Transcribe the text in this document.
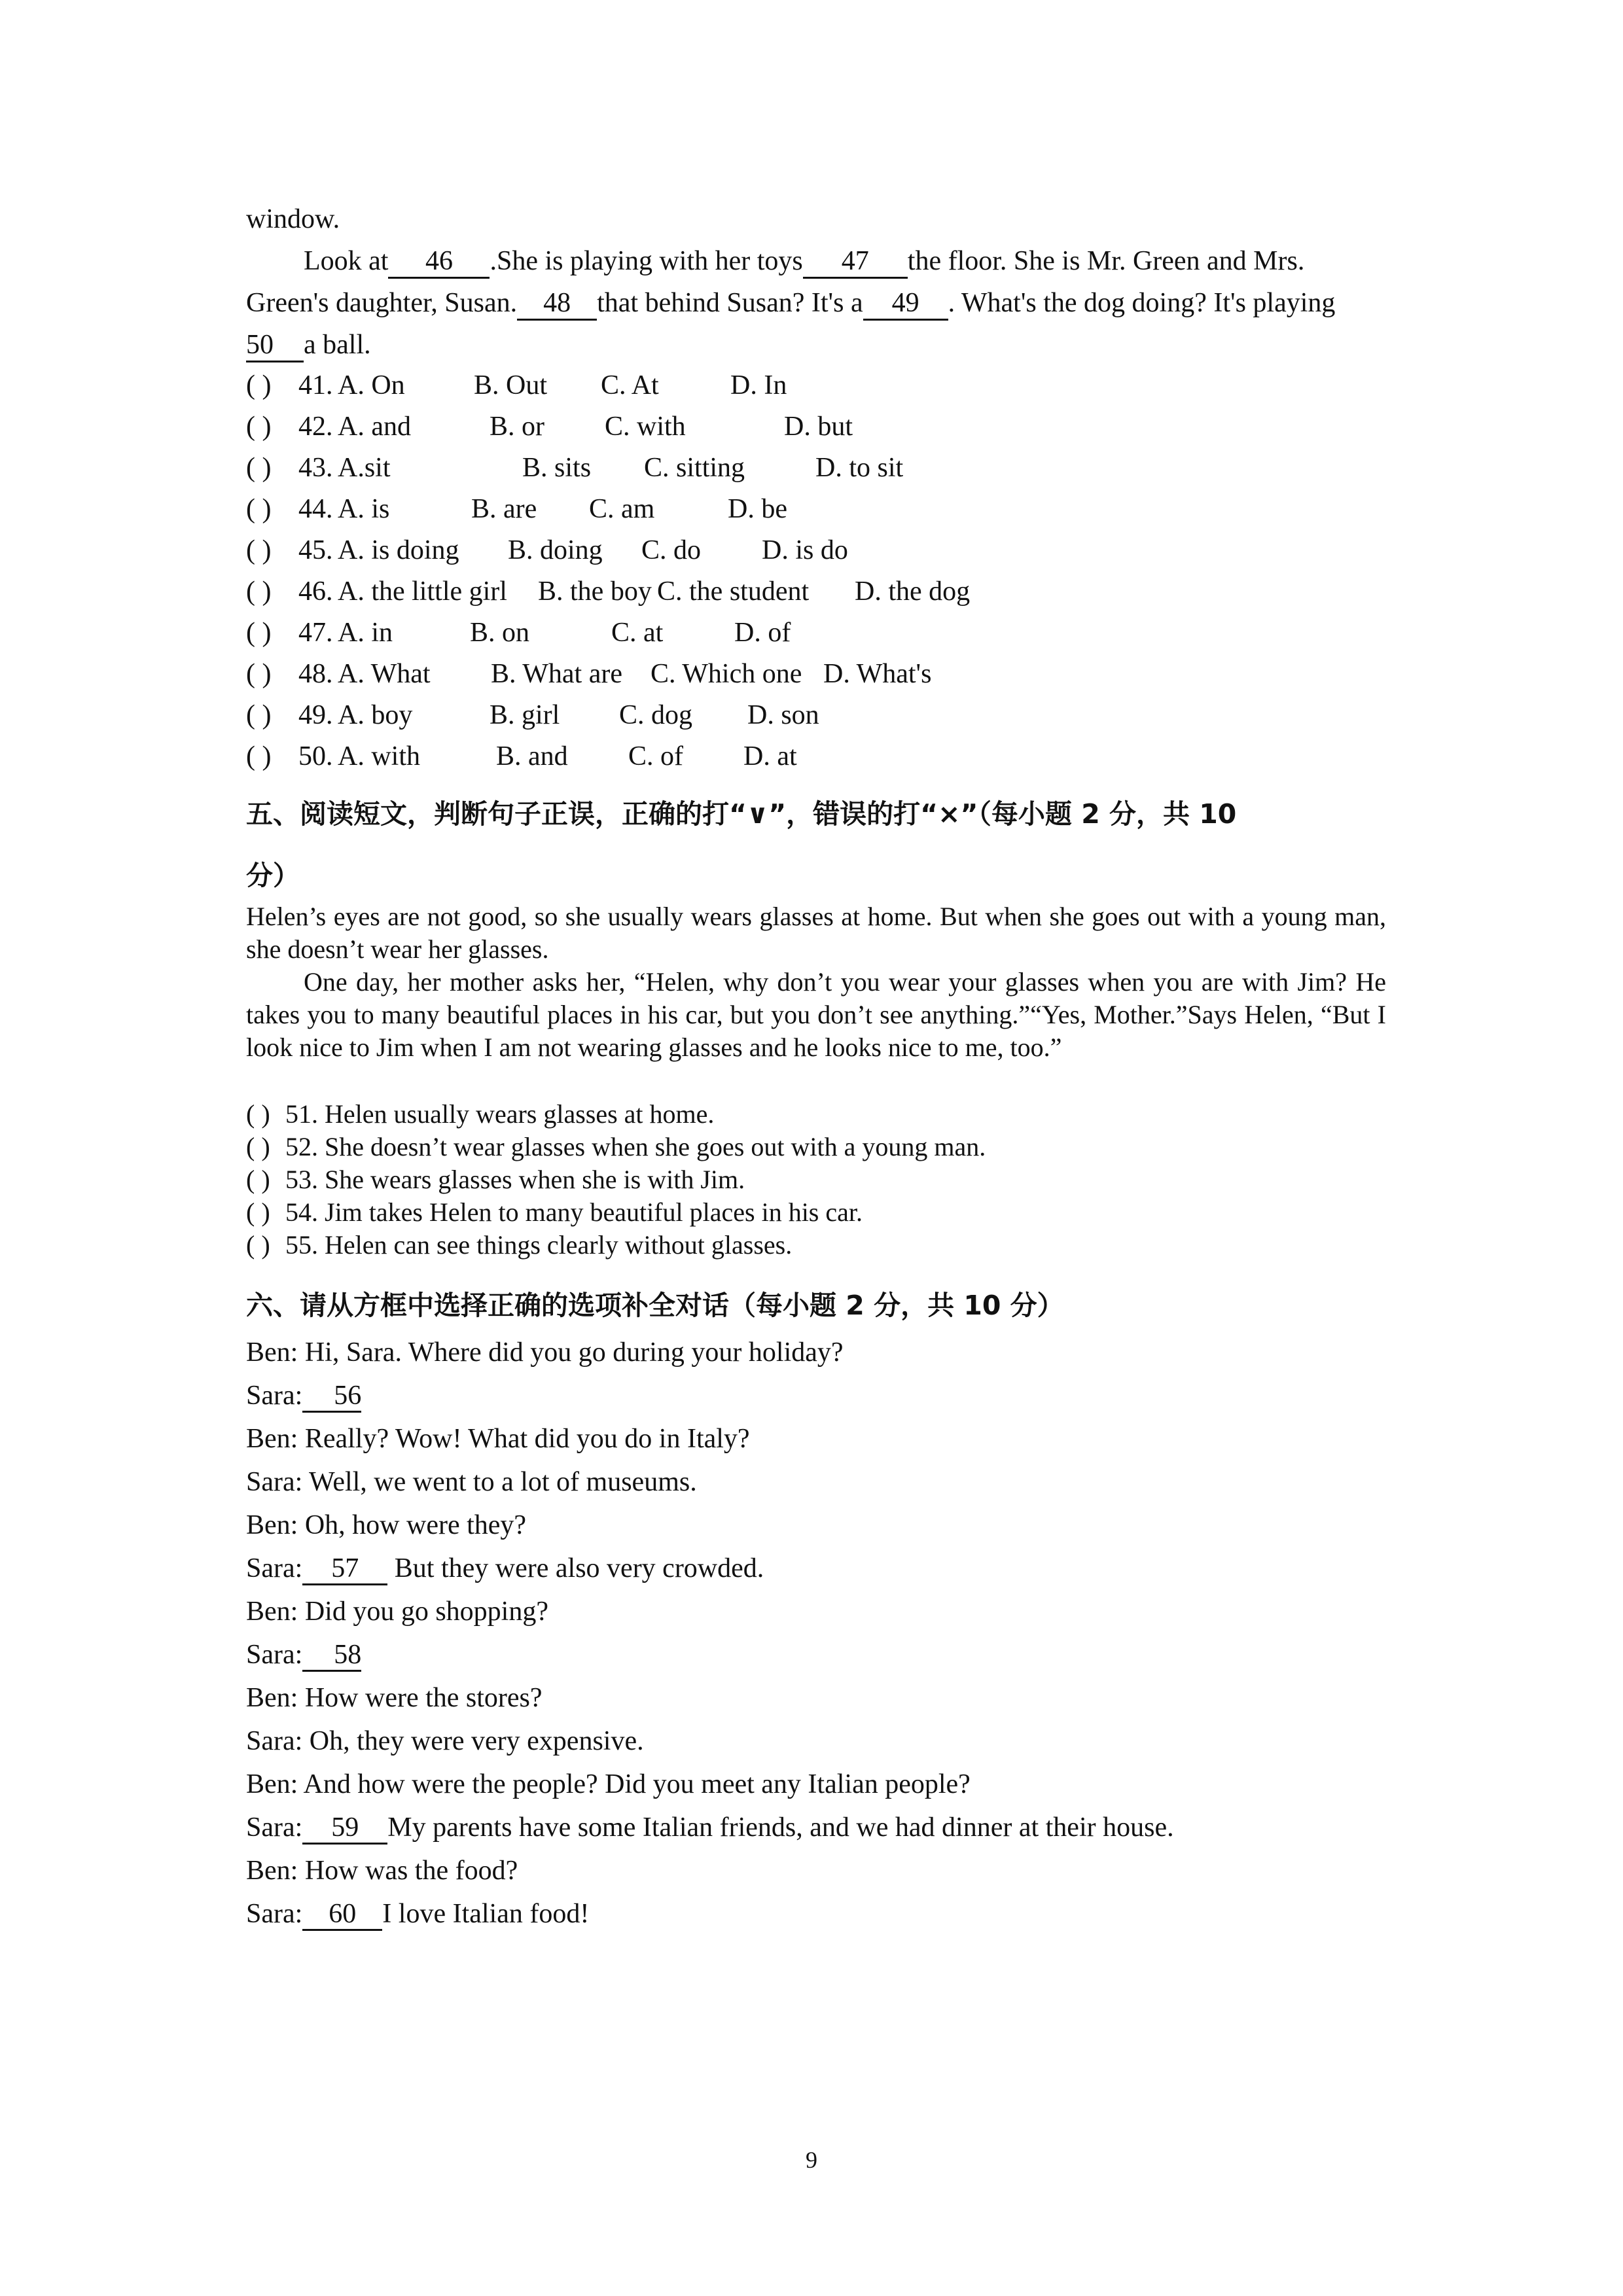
window.
Look at 46 .She is playing with her toys 47 the floor. She is Mr. Green and Mrs.
Green's daughter, Susan. 48 that behind Susan? It's a 49 . What's the dog doing? It's playing
50 a ball.
( ) 41. A. On	B. Out C. At	D. In
( ) 42. A. and	B. or C. with	D. but
( ) 43. A.sit	B. sits C. sitting	D. to sit
( ) 44. A. is	B. are C. am	D. be
( ) 45. A. is doing B. doing C. do D. is do
( ) 46. A. the little girl B. the boy C. the student D. the dog
( ) 47. A. in	B. on	C. at	D. of
( ) 48. A. What B. What are C. Which one D. What's
( ) 49. A. boy	B. girl C. dog D. son
( ) 50. A. with	B. and C. of D. at
五、阅读短文，判断句子正误，正确的打“∨”，错误的打“×”（每小题 2 分，共 10
分）

Helen’s eyes are not good, so she usually wears glasses at home. But when she goes out with a young man, she doesn’t wear her glasses.

One day, her mother asks her, “Helen, why don’t you wear your glasses when you are with Jim? He takes you to many beautiful places in his car, but you don’t see anything.”“Yes, Mother.”Says Helen, “But I look nice to Jim when I am not wearing glasses and he looks nice to me, too.”

( ) 51. Helen usually wears glasses at home.
( ) 52. She doesn’t wear glasses when she goes out with a young man.
( ) 53. She wears glasses when she is with Jim.
( ) 54. Jim takes Helen to many beautiful places in his car.
( ) 55. Helen can see things clearly without glasses.
六、请从方框中选择正确的选项补全对话（每小题 2 分，共 10 分）
Ben: Hi, Sara. Where did you go during your holiday?
Sara: 56
Ben: Really? Wow! What did you do in Italy?
Sara: Well, we went to a lot of museums.
Ben: Oh, how were they?
Sara: 57 But they were also very crowded.
Ben: Did you go shopping?
Sara: 58
Ben: How were the stores?
Sara: Oh, they were very expensive.
Ben: And how were the people? Did you meet any Italian people?
Sara: 59 My parents have some Italian friends, and we had dinner at their house.
Ben: How was the food?
Sara: 60 I love Italian food!
9
